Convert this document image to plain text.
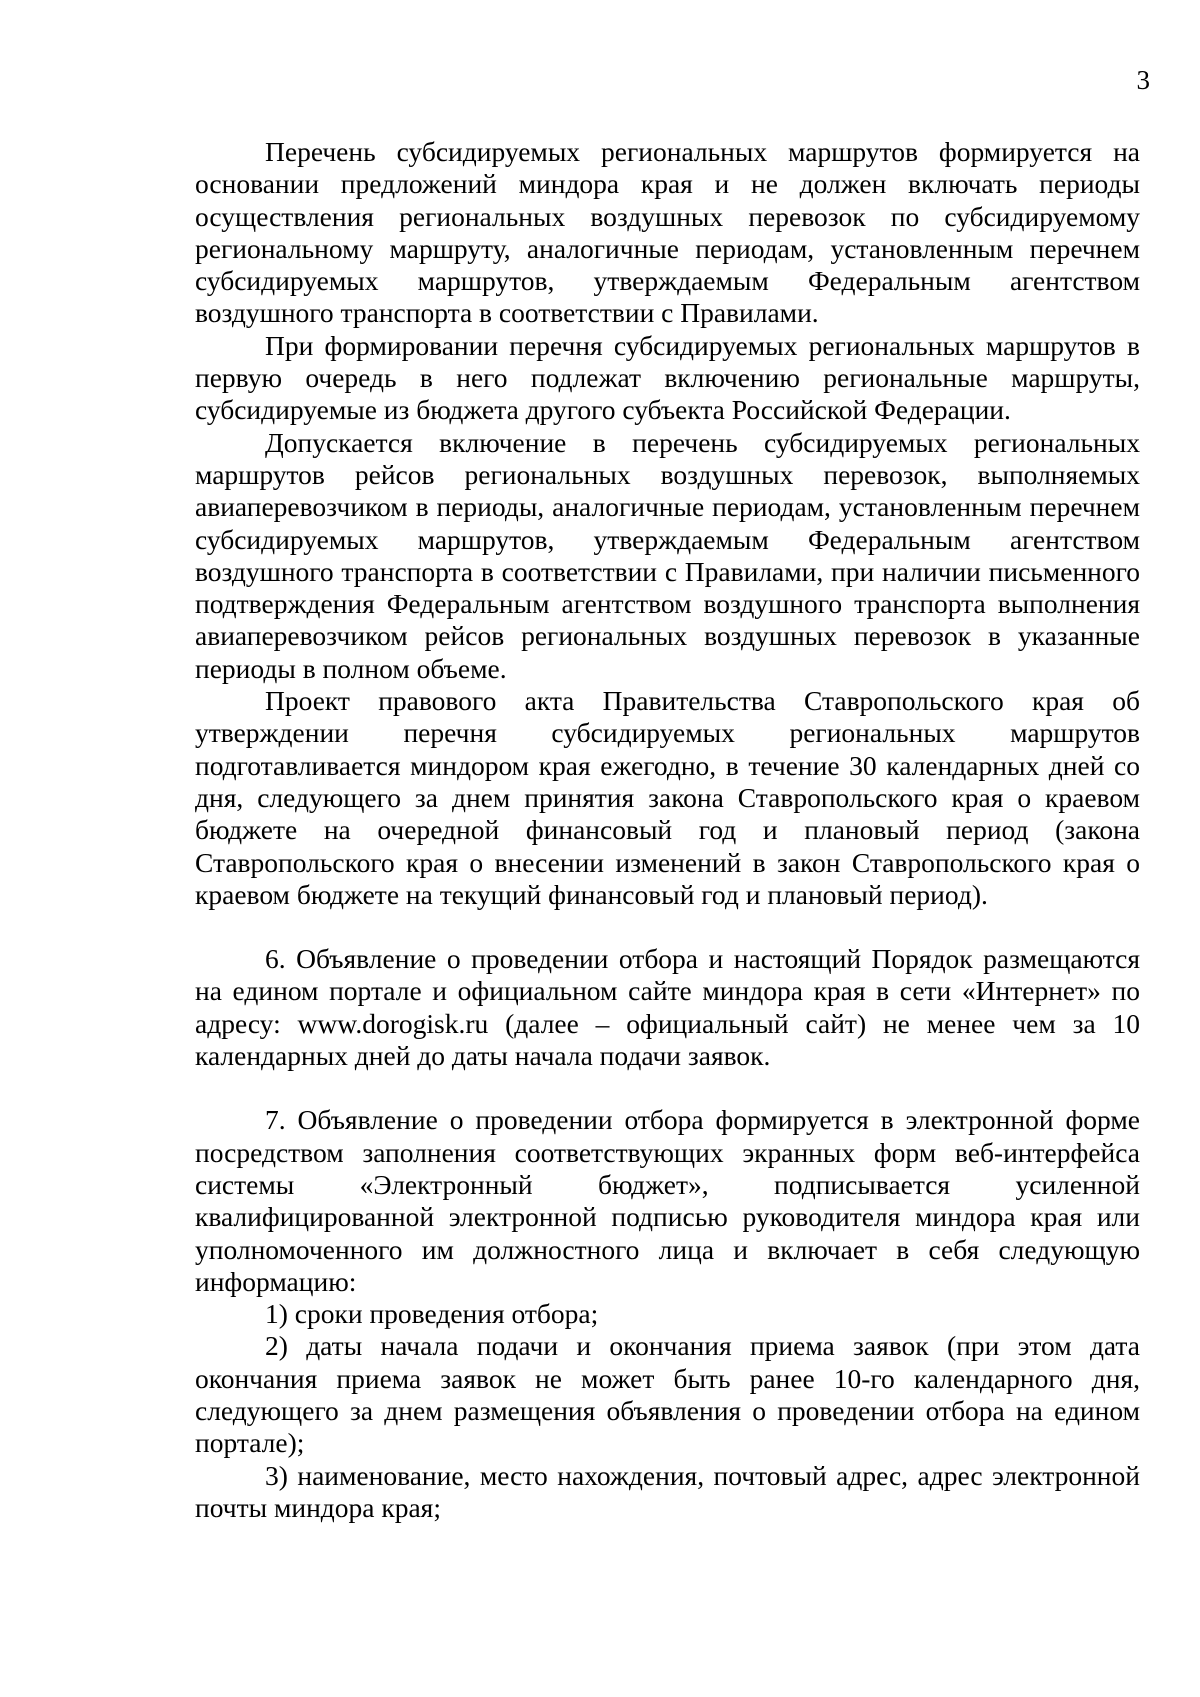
3

Перечень субсидируемых региональных маршрутов формируется на основании предложений миндора края и не должен включать периоды осуществления региональных воздушных перевозок по субсидируемому региональному маршруту, аналогичные периодам, установленным перечнем субсидируемых маршрутов, утверждаемым Федеральным агентством воздушного транспорта в соответствии с Правилами.

При формировании перечня субсидируемых региональных маршрутов в первую очередь в него подлежат включению региональные маршруты, субсидируемые из бюджета другого субъекта Российской Федерации.

Допускается включение в перечень субсидируемых региональных маршрутов рейсов региональных воздушных перевозок, выполняемых авиаперевозчиком в периоды, аналогичные периодам, установленным перечнем субсидируемых маршрутов, утверждаемым Федеральным агентством воздушного транспорта в соответствии с Правилами, при наличии письменного подтверждения Федеральным агентством воздушного транспорта выполнения авиаперевозчиком рейсов региональных воздушных перевозок в указанные периоды в полном объеме.

Проект правового акта Правительства Ставропольского края об утверждении перечня субсидируемых региональных маршрутов подготавливается миндором края ежегодно, в течение 30 календарных дней со дня, следующего за днем принятия закона Ставропольского края о краевом бюджете на очередной финансовый год и плановый период (закона Ставропольского края о внесении изменений в закон Ставропольского края о краевом бюджете на текущий финансовый год и плановый период).

6. Объявление о проведении отбора и настоящий Порядок размещаются на едином портале и официальном сайте миндора края в сети «Интернет» по адресу: www.dorogisk.ru (далее – официальный сайт) не менее чем за 10 календарных дней до даты начала подачи заявок.

7. Объявление о проведении отбора формируется в электронной форме посредством заполнения соответствующих экранных форм веб-интерфейса системы «Электронный бюджет», подписывается усиленной квалифицированной электронной подписью руководителя миндора края или уполномоченного им должностного лица и включает в себя следующую информацию:

1) сроки проведения отбора;

2) даты начала подачи и окончания приема заявок (при этом дата окончания приема заявок не может быть ранее 10-го календарного дня, следующего за днем размещения объявления о проведении отбора на едином портале);

3) наименование, место нахождения, почтовый адрес, адрес электронной почты миндора края;
